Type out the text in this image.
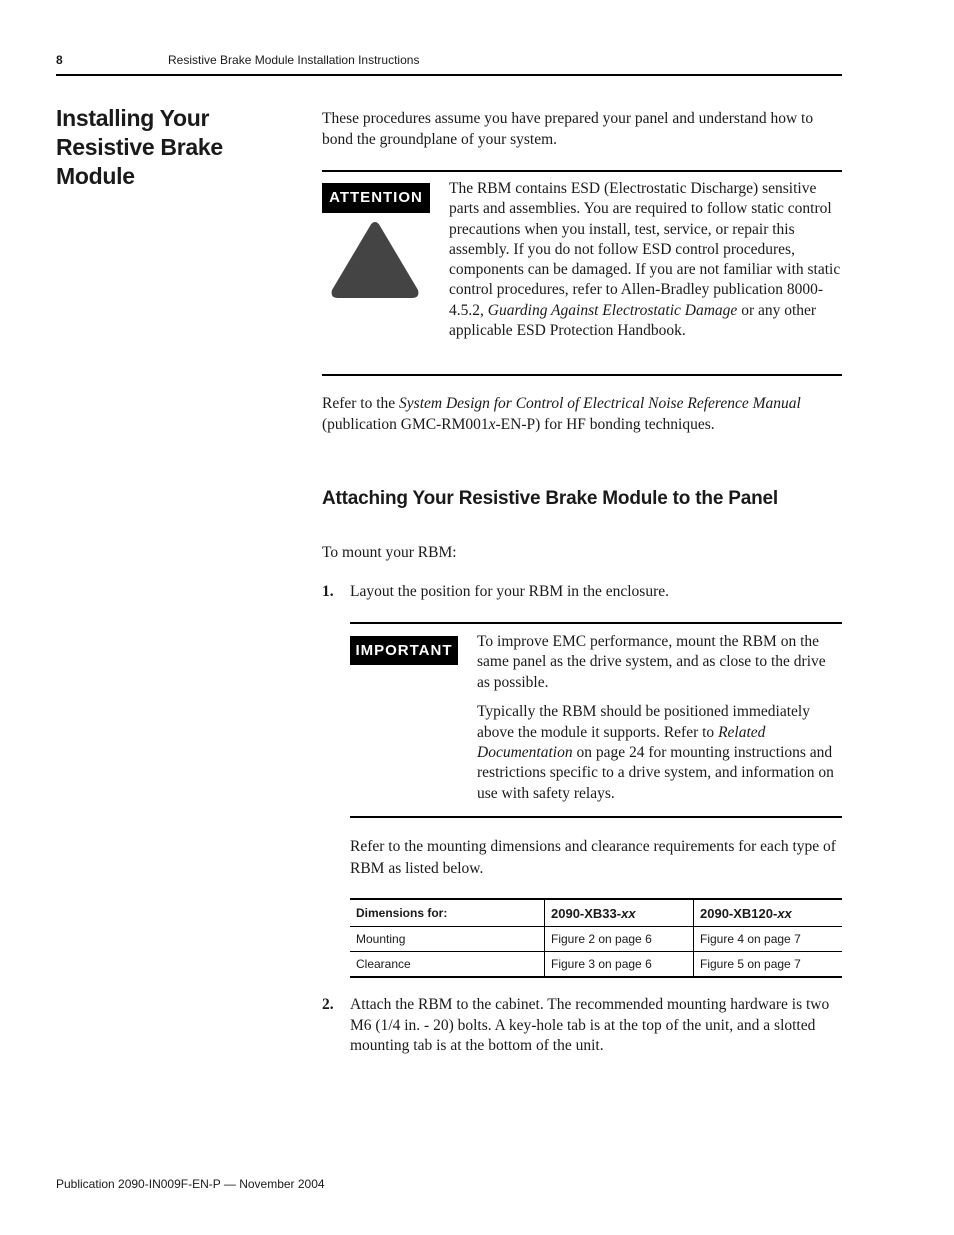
8	Resistive Brake Module Installation Instructions
Installing Your Resistive Brake Module
These procedures assume you have prepared your panel and understand how to bond the groundplane of your system.
ATTENTION
The RBM contains ESD (Electrostatic Discharge) sensitive parts and assemblies. You are required to follow static control precautions when you install, test, service, or repair this assembly. If you do not follow ESD control procedures, components can be damaged. If you are not familiar with static control procedures, refer to Allen-Bradley publication 8000-4.5.2, Guarding Against Electrostatic Damage or any other applicable ESD Protection Handbook.
Refer to the System Design for Control of Electrical Noise Reference Manual
(publication GMC-RM001x-EN-P) for HF bonding techniques.
Attaching Your Resistive Brake Module to the Panel
To mount your RBM:
1. Layout the position for your RBM in the enclosure.
IMPORTANT

To improve EMC performance, mount the RBM on the same panel as the drive system, and as close to the drive as possible.

Typically the RBM should be positioned immediately above the module it supports. Refer to Related Documentation on page 24 for mounting instructions and restrictions specific to a drive system, and information on use with safety relays.

Refer to the mounting dimensions and clearance requirements for each type of RBM as listed below.
Dimensions for:	2090-XB33-xx	2090-XB120-xx
Mounting	Figure 2 on page 6	Figure 4 on page 7
Clearance	Figure 3 on page 6	Figure 5 on page 7
2. Attach the RBM to the cabinet. The recommended mounting hardware is two M6 (1/4 in. - 20) bolts. A key-hole tab is at the top of the unit, and a slotted mounting tab is at the bottom of the unit.
Publication 2090-IN009F-EN-P — November 2004
